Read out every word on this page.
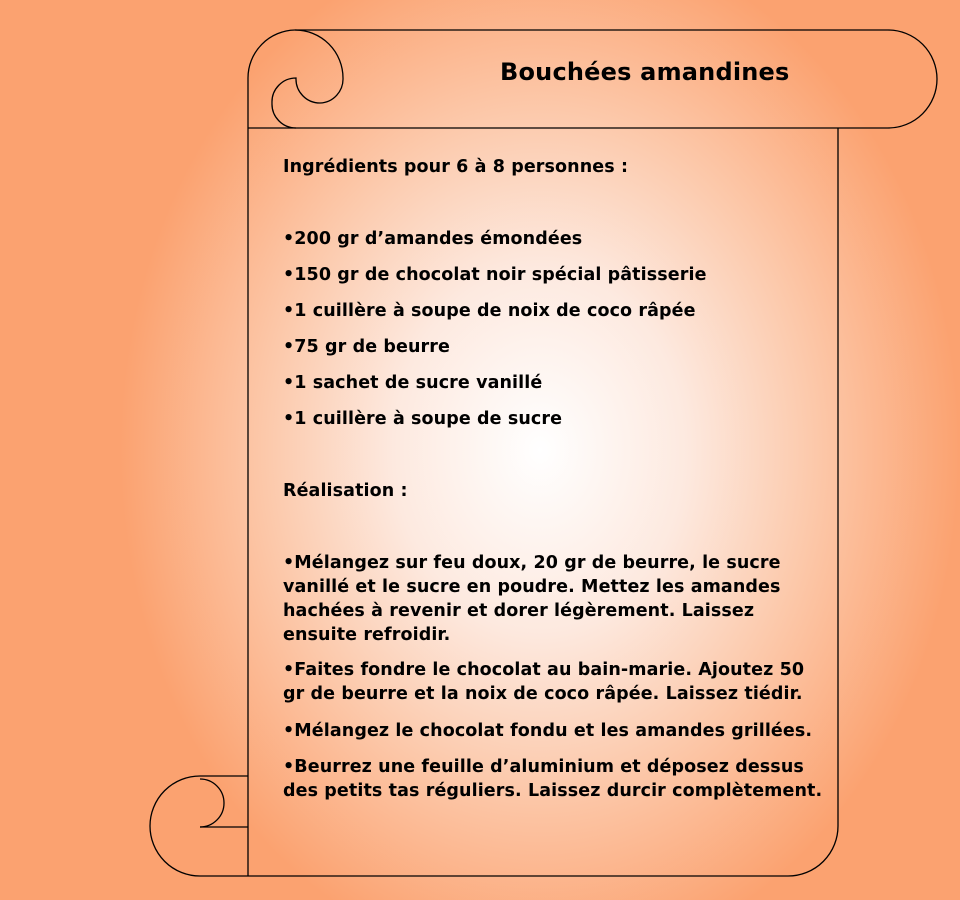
Bouchées amandines
Ingrédients pour 6 à 8 personnes :
•200 gr d’amandes émondées
•150 gr de chocolat noir spécial pâtisserie
•1 cuillère à soupe de noix de coco râpée
•75 gr de beurre
•1 sachet de sucre vanillé
•1 cuillère à soupe de sucre
Réalisation :
•Mélangez sur feu doux, 20 gr de beurre, le sucre vanillé et le sucre en poudre. Mettez les amandes hachées à revenir et dorer légèrement. Laissez ensuite refroidir.
•Faites fondre le chocolat au bain-marie. Ajoutez 50 gr de beurre et la noix de coco râpée. Laissez tiédir.
•Mélangez le chocolat fondu et les amandes grillées.
•Beurrez une feuille d’aluminium et déposez dessus des petits tas réguliers. Laissez durcir complètement.
